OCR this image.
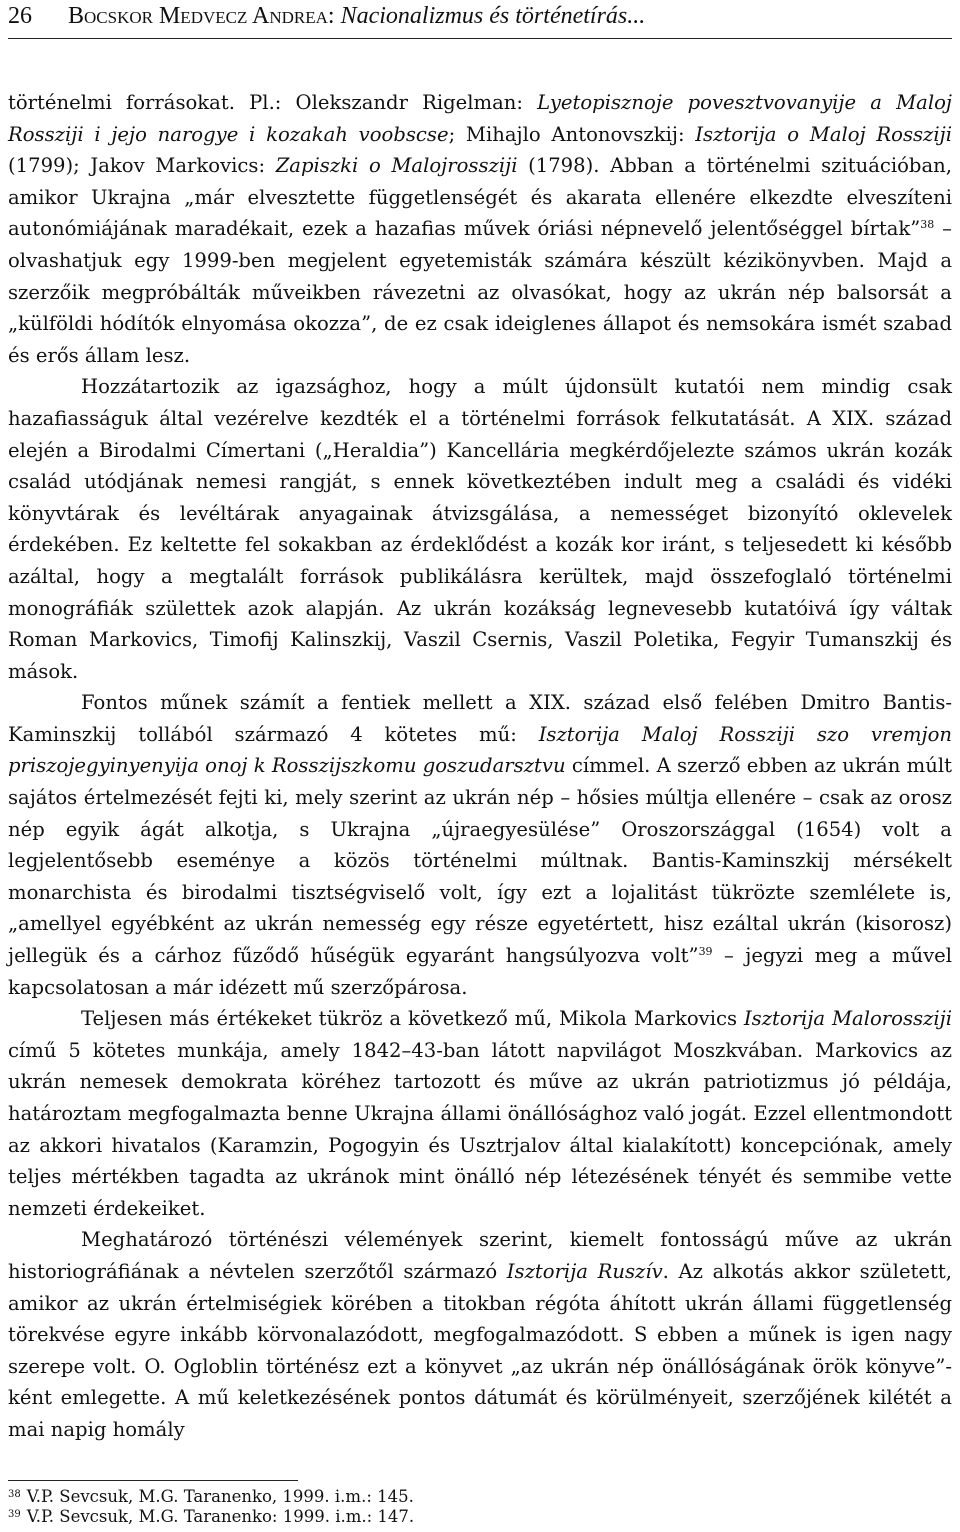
26 Bocskor Medvecz Andrea: Nacionalizmus és történetírás...

történelmi forrásokat. Pl.: Olekszandr Rigelman: Lyetopisznoje povesztvovanyije a Maloj Rossziji i jejo narogye i kozakah voobscse; Mihajlo Antonovszkij: Isztorija o Maloj Rossziji (1799); Jakov Markovics: Zapiszki o Malojrossziji (1798). Abban a történelmi szituációban, amikor Ukrajna „már elvesztette függetlenségét és akarata ellenére elkezdte elveszíteni autonómiájának maradékait, ezek a hazafias művek óriási népnevelő jelentőséggel bírtak”$^{38}$ – olvashatjuk egy 1999-ben megjelent egyetemisták számára készült kézikönyvben. Majd a szerzőik megpróbálták műveikben rávezetni az olvasókat, hogy az ukrán nép balsorsát a „külföldi hódítók elnyomása okozza”, de ez csak ideiglenes állapot és nemsokára ismét szabad és erős állam lesz.

Hozzátartozik az igazsághoz, hogy a múlt újdonsült kutatói nem mindig csak hazafiasságuk által vezérelve kezdték el a történelmi források felkutatását. A XIX. század elején a Birodalmi Címertani („Heraldia”) Kancellária megkérdőjelezte számos ukrán kozák család utódjának nemesi rangját, s ennek következtében indult meg a családi és vidéki könyvtárak és levéltárak anyagainak átvizsgálása, a nemességet bizonyító oklevelek érdekében. Ez keltette fel sokakban az érdeklődést a kozák kor iránt, s teljesedett ki később azáltal, hogy a megtalált források publikálásra kerültek, majd összefoglaló történelmi monográfiák születtek azok alapján. Az ukrán kozákság legnevesebb kutatóivá így váltak Roman Markovics, Timofij Kalinszkij, Vaszil Csernis, Vaszil Poletika, Fegyir Tumanszkij és mások.

Fontos műnek számít a fentiek mellett a XIX. század első felében Dmitro Bantis-Kaminszkij tollából származó 4 kötetes mű: Isztorija Maloj Rossziji szo vremjon priszojegyinyenyija onoj k Rosszijszkomu goszudarsztvu címmel. A szerző ebben az ukrán múlt sajátos értelmezését fejti ki, mely szerint az ukrán nép – hősies múltja ellenére – csak az orosz nép egyik ágát alkotja, s Ukrajna „újraegyesülése” Oroszországgal (1654) volt a legjelentősebb eseménye a közös történelmi múltnak. Bantis-Kaminszkij mérsékelt monarchista és birodalmi tisztségviselő volt, így ezt a lojalitást tükrözte szemlélete is, „amellyel egyébként az ukrán nemesség egy része egyetértett, hisz ezáltal ukrán (kisorosz) jellegük és a cárhoz fűződő hűségük egyaránt hangsúlyozva volt”$^{39}$ – jegyzi meg a művel kapcsolatosan a már idézett mű szerzőpárosa.

Teljesen más értékeket tükröz a következő mű, Mikola Markovics Isztorija Malorossziji című 5 kötetes munkája, amely 1842–43-ban látott napvilágot Moszkvában. Markovics az ukrán nemesek demokrata köréhez tartozott és műve az ukrán patriotizmus jó példája, határoztam megfogalmazta benne Ukrajna állami önállósághoz való jogát. Ezzel ellentmondott az akkori hivatalos (Karamzin, Pogogyin és Usztrjalov által kialakított) koncepciónak, amely teljes mértékben tagadta az ukránok mint önálló nép létezésének tényét és semmibe vette nemzeti érdekeiket.

Meghatározó történészi vélemények szerint, kiemelt fontosságú műve az ukrán historiográfiának a névtelen szerzőtől származó Isztorija Ruszív. Az alkotás akkor született, amikor az ukrán értelmiségiek körében a titokban régóta áhított ukrán állami függetlenség törekvése egyre inkább körvonalazódott, megfogalmazódott. S ebben a műnek is igen nagy szerepe volt. O. Ogloblin történész ezt a könyvet „az ukrán nép önállóságának örök könyve”-ként emlegette. A mű keletkezésének pontos dátumát és körülményeit, szerzőjének kilétét a mai napig homály

$^{38}$ V.P. Sevcsuk, M.G. Taranenko, 1999. i.m.: 145.
$^{39}$ V.P. Sevcsuk, M.G. Taranenko: 1999. i.m.: 147.
